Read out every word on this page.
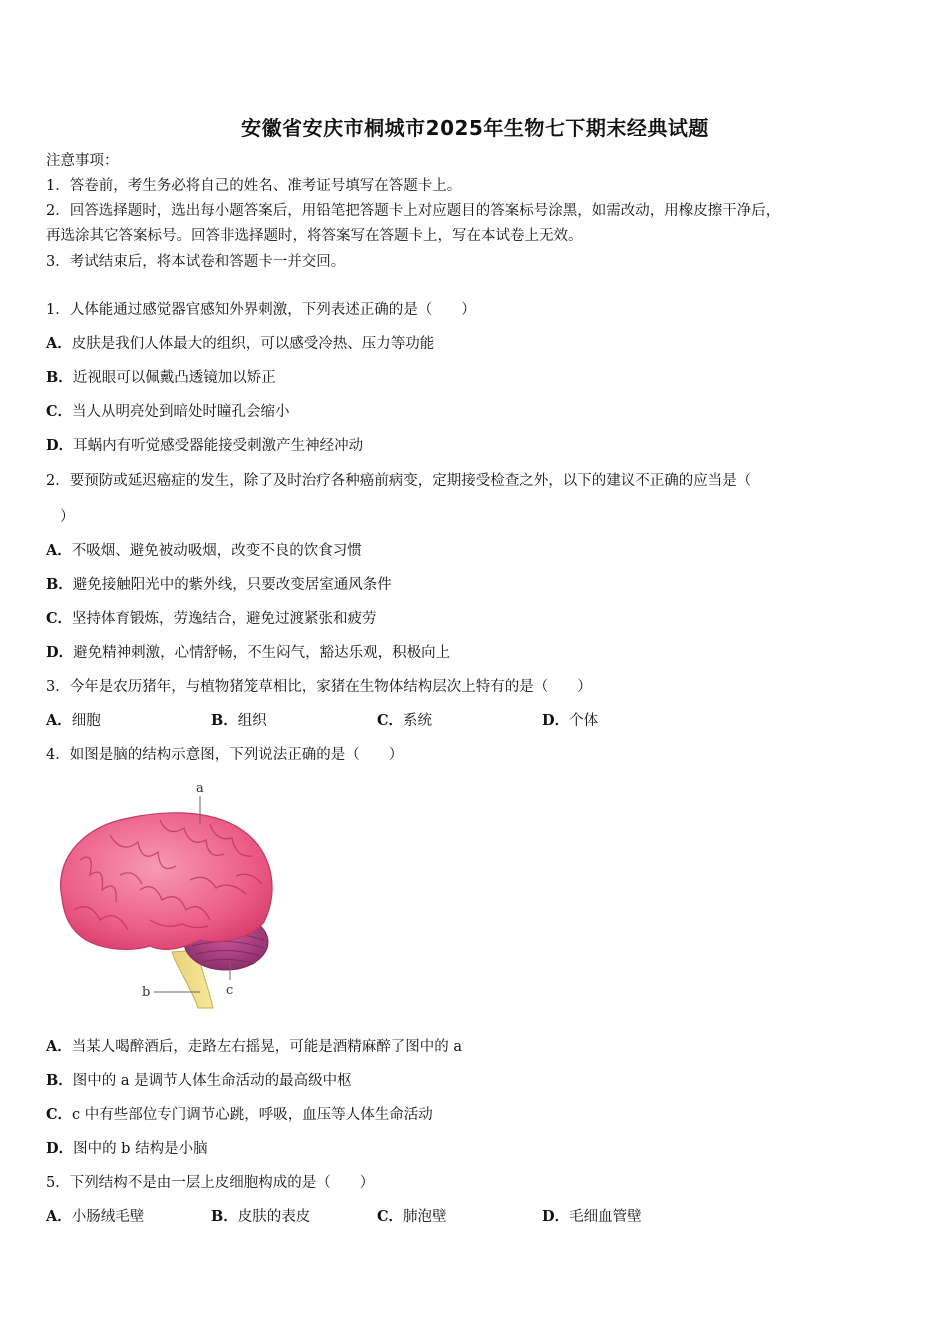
安徽省安庆市桐城市2025年生物七下期末经典试题
注意事项：
1．答卷前，考生务必将自己的姓名、准考证号填写在答题卡上。
2．回答选择题时，选出每小题答案后，用铅笔把答题卡上对应题目的答案标号涂黑，如需改动，用橡皮擦干净后，
再选涂其它答案标号。回答非选择题时，将答案写在答题卡上，写在本试卷上无效。
3．考试结束后，将本试卷和答题卡一并交回。
1．人体能通过感觉器官感知外界刺激，下列表述正确的是（　　）
A．皮肤是我们人体最大的组织，可以感受冷热、压力等功能
B．近视眼可以佩戴凸透镜加以矫正
C．当人从明亮处到暗处时瞳孔会缩小
D．耳蜗内有听觉感受器能接受刺激产生神经冲动
2．要预防或延迟癌症的发生，除了及时治疗各种癌前病变，定期接受检查之外，以下的建议不正确的应当是（
）
A．不吸烟、避免被动吸烟，改变不良的饮食习惯
B．避免接触阳光中的紫外线，只要改变居室通风条件
C．坚持体育锻炼，劳逸结合，避免过渡紧张和疲劳
D．避免精神刺激，心情舒畅，不生闷气，豁达乐观，积极向上
3．今年是农历猪年，与植物猪笼草相比，家猪在生物体结构层次上特有的是（　　）
A．细胞	B．组织	C．系统	D．个体
4．如图是脑的结构示意图，下列说法正确的是（　　）
a
b	c
A．当某人喝醉酒后，走路左右摇晃，可能是酒精麻醉了图中的 a
B．图中的 a 是调节人体生命活动的最高级中枢
C．c 中有些部位专门调节心跳，呼吸，血压等人体生命活动
D．图中的 b 结构是小脑
5．下列结构不是由一层上皮细胞构成的是（　　）
A．小肠绒毛壁	B．皮肤的表皮	C．肺泡壁	D．毛细血管壁
